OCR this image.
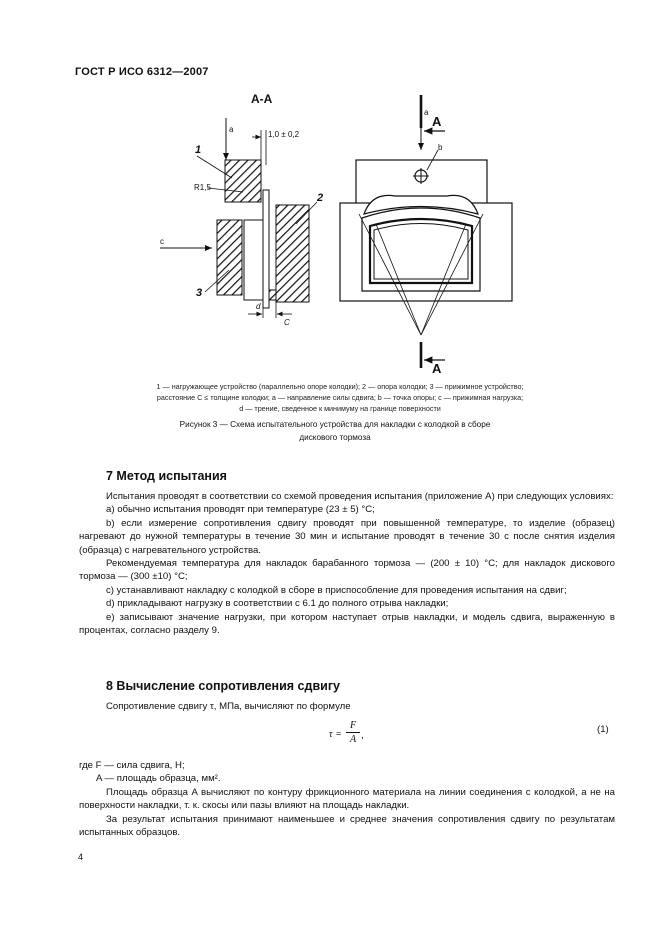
ГОСТ Р ИСО 6312—2007
А-А
1,0 ± 0,2
а
1
R1,5
2
3
c
d
C
А
а
b
А
1 — нагружающее устройство (параллельно опоре колодки); 2 — опора колодки; 3 — прижимное устройство;
расстояние C ≤ толщине колодки; a — направление силы сдвига; b — точка опоры; c — прижимная нагрузка;
d — трение, сведенное к минимуму на границе поверхности
Рисунок 3 — Схема испытательного устройства для накладки с колодкой в сборе
дискового тормоза
7 Метод испытания
Испытания проводят в соответствии со схемой проведения испытания (приложение А) при следующих условиях:
a) обычно испытания проводят при температуре (23 ± 5) °С;
b) если измерение сопротивления сдвигу проводят при повышенной температуре, то изделие (образец) нагревают до нужной температуры в течение 30 мин и испытание проводят в течение 30 с после снятия изделия (образца) с нагревательного устройства.
Рекомендуемая температура для накладок барабанного тормоза — (200 ± 10) °С; для накладок дискового тормоза — (300 ±10) °С;
c) устанавливают накладку с колодкой в сборе в приспособление для проведения испытания на сдвиг;
d) прикладывают нагрузку в соответствии с 6.1 до полного отрыва накладки;
e) записывают значение нагрузки, при котором наступает отрыв накладки, и модель сдвига, выраженную в процентах, согласно разделу 9.
8 Вычисление сопротивления сдвигу
Сопротивление сдвигу τ, МПа, вычисляют по формуле
τ =
F
A ,
(1)
где F — сила сдвига, Н;
A — площадь образца, мм².
Площадь образца A вычисляют по контуру фрикционного материала на линии соединения с колодкой, а не на поверхности накладки, т. к. скосы или пазы влияют на площадь накладки.
За результат испытания принимают наименьшее и среднее значения сопротивления сдвигу по результатам испытанных образцов.
4
